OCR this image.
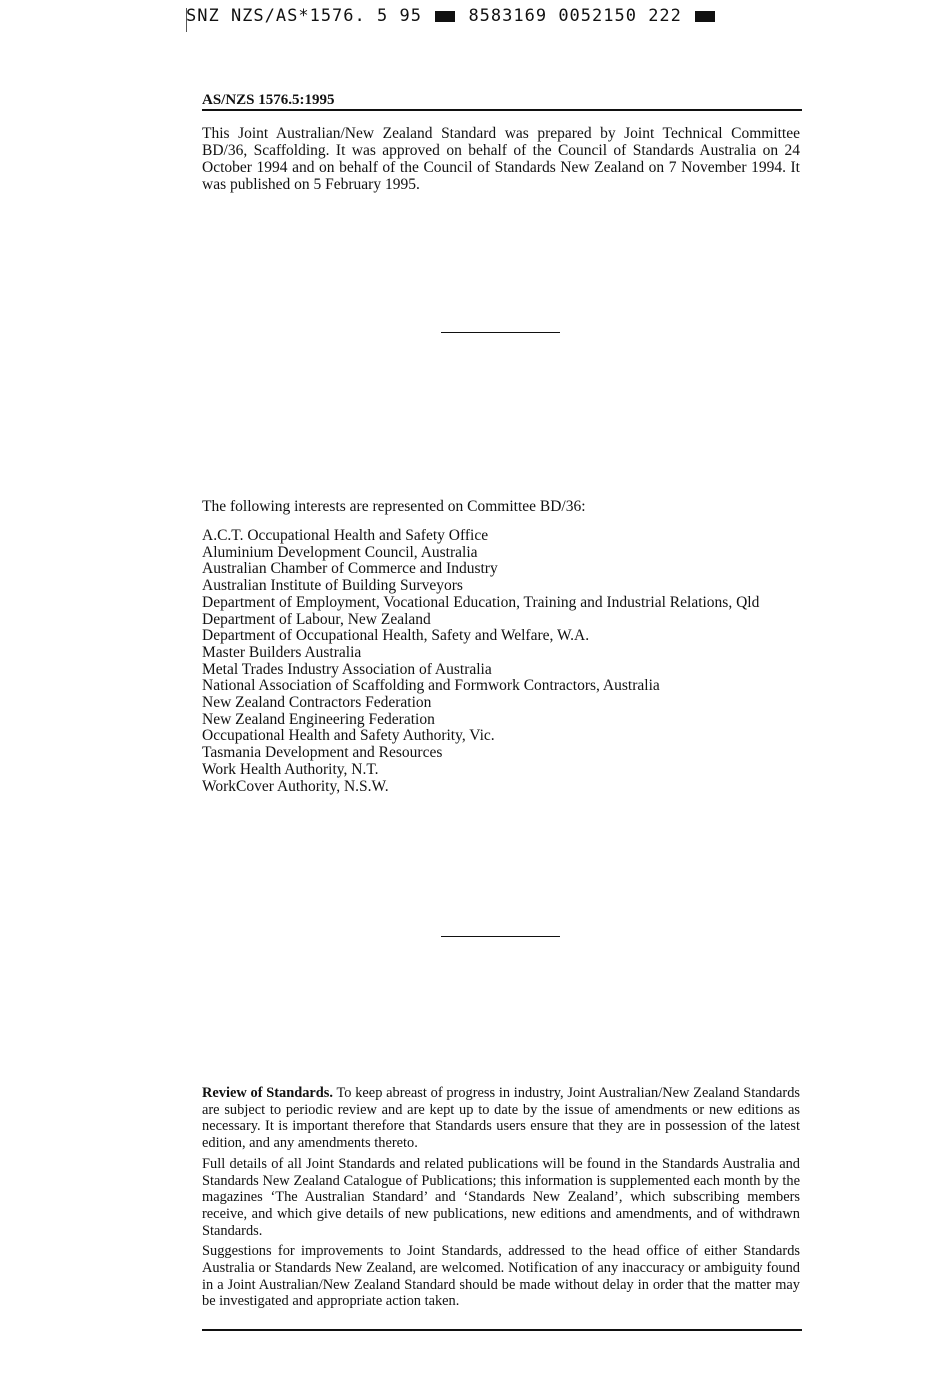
SNZ NZS/AS*1576. 5 95	8583169 0052150 222
AS/NZS 1576.5:1995
This Joint Australian/New Zealand Standard was prepared by Joint Technical Committee BD/36, Scaffolding. It was approved on behalf of the Council of Standards Australia on 24 October 1994 and on behalf of the Council of Standards New Zealand on 7 November 1994. It was published on 5 February 1995.
The following interests are represented on Committee BD/36:
A.C.T. Occupational Health and Safety Office
Aluminium Development Council, Australia
Australian Chamber of Commerce and Industry
Australian Institute of Building Surveyors
Department of Employment, Vocational Education, Training and Industrial Relations, Qld
Department of Labour, New Zealand
Department of Occupational Health, Safety and Welfare, W.A.
Master Builders Australia
Metal Trades Industry Association of Australia
National Association of Scaffolding and Formwork Contractors, Australia
New Zealand Contractors Federation
New Zealand Engineering Federation
Occupational Health and Safety Authority, Vic.
Tasmania Development and Resources
Work Health Authority, N.T.
WorkCover Authority, N.S.W.

Review of Standards. To keep abreast of progress in industry, Joint Australian/New Zealand Standards are subject to periodic review and are kept up to date by the issue of amendments or new editions as necessary. It is important therefore that Standards users ensure that they are in possession of the latest edition, and any amendments thereto.

Full details of all Joint Standards and related publications will be found in the Standards Australia and Standards New Zealand Catalogue of Publications; this information is supplemented each month by the magazines ‘The Australian Standard’ and ‘Standards New Zealand’, which subscribing members receive, and which give details of new publications, new editions and amendments, and of withdrawn Standards.

Suggestions for improvements to Joint Standards, addressed to the head office of either Standards Australia or Standards New Zealand, are welcomed. Notification of any inaccuracy or ambiguity found in a Joint Australian/New Zealand Standard should be made without delay in order that the matter may be investigated and appropriate action taken.
